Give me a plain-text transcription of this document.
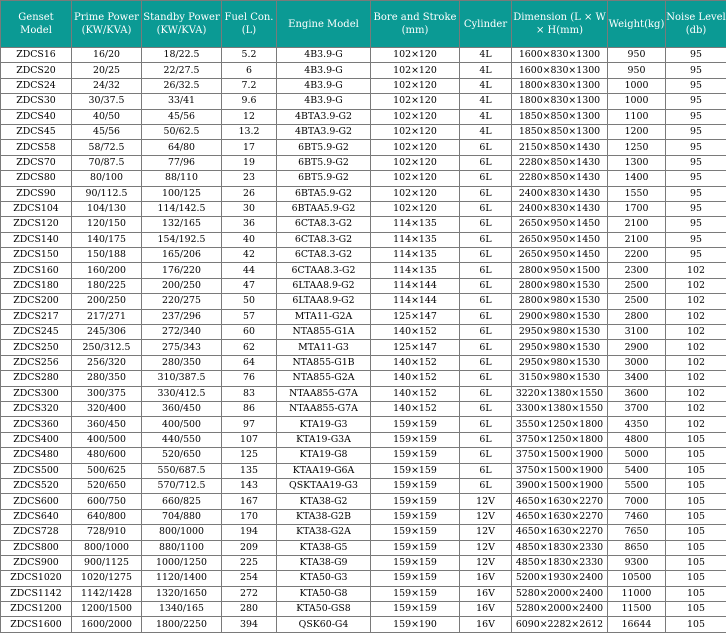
Genset Model	Prime Power (KW/KVA)	Standby Power (KW/KVA)	Fuel Con. (L)	Engine Model	Bore and Stroke (mm)	Cylinder	Dimension (L × W × H(mm)	Weight(kg)	Noise Level (db)
ZDCS16	16/20	18/22.5	5.2	4B3.9-G	102×120	4L	1600×830×1300	950	95
ZDCS20	20/25	22/27.5	6	4B3.9-G	102×120	4L	1600×830×1300	950	95
ZDCS24	24/32	26/32.5	7.2	4B3.9-G	102×120	4L	1800×830×1300	1000	95
ZDCS30	30/37.5	33/41	9.6	4B3.9-G	102×120	4L	1800×830×1300	1000	95
ZDCS40	40/50	45/56	12	4BTA3.9-G2	102×120	4L	1850×850×1300	1100	95
ZDCS45	45/56	50/62.5	13.2	4BTA3.9-G2	102×120	4L	1850×850×1300	1200	95
ZDCS58	58/72.5	64/80	17	6BT5.9-G2	102×120	6L	2150×850×1430	1250	95
ZDCS70	70/87.5	77/96	19	6BT5.9-G2	102×120	6L	2280×850×1430	1300	95
ZDCS80	80/100	88/110	23	6BT5.9-G2	102×120	6L	2280×850×1430	1400	95
ZDCS90	90/112.5	100/125	26	6BTA5.9-G2	102×120	6L	2400×830×1430	1550	95
ZDCS104	104/130	114/142.5	30	6BTAA5.9-G2	102×120	6L	2400×830×1430	1700	95
ZDCS120	120/150	132/165	36	6CTA8.3-G2	114×135	6L	2650×950×1450	2100	95
ZDCS140	140/175	154/192.5	40	6CTA8.3-G2	114×135	6L	2650×950×1450	2100	95
ZDCS150	150/188	165/206	42	6CTA8.3-G2	114×135	6L	2650×950×1450	2200	95
ZDCS160	160/200	176/220	44	6CTAA8.3-G2	114×135	6L	2800×950×1500	2300	102
ZDCS180	180/225	200/250	47	6LTAA8.9-G2	114×144	6L	2800×980×1530	2500	102
ZDCS200	200/250	220/275	50	6LTAA8.9-G2	114×144	6L	2800×980×1530	2500	102
ZDCS217	217/271	237/296	57	MTA11-G2A	125×147	6L	2900×980×1530	2800	102
ZDCS245	245/306	272/340	60	NTA855-G1A	140×152	6L	2950×980×1530	3100	102
ZDCS250	250/312.5	275/343	62	MTA11-G3	125×147	6L	2950×980×1530	2900	102
ZDCS256	256/320	280/350	64	NTA855-G1B	140×152	6L	2950×980×1530	3000	102
ZDCS280	280/350	310/387.5	76	NTA855-G2A	140×152	6L	3150×980×1530	3400	102
ZDCS300	300/375	330/412.5	83	NTAA855-G7A	140×152	6L	3220×1380×1550	3600	102
ZDCS320	320/400	360/450	86	NTAA855-G7A	140×152	6L	3300×1380×1550	3700	102
ZDCS360	360/450	400/500	97	KTA19-G3	159×159	6L	3550×1250×1800	4350	102
ZDCS400	400/500	440/550	107	KTA19-G3A	159×159	6L	3750×1250×1800	4800	105
ZDCS480	480/600	520/650	125	KTA19-G8	159×159	6L	3750×1500×1900	5000	105
ZDCS500	500/625	550/687.5	135	KTAA19-G6A	159×159	6L	3750×1500×1900	5400	105
ZDCS520	520/650	570/712.5	143	QSKTAA19-G3	159×159	6L	3900×1500×1900	5500	105
ZDCS600	600/750	660/825	167	KTA38-G2	159×159	12V	4650×1630×2270	7000	105
ZDCS640	640/800	704/880	170	KTA38-G2B	159×159	12V	4650×1630×2270	7460	105
ZDCS728	728/910	800/1000	194	KTA38-G2A	159×159	12V	4650×1630×2270	7650	105
ZDCS800	800/1000	880/1100	209	KTA38-G5	159×159	12V	4850×1830×2330	8650	105
ZDCS900	900/1125	1000/1250	225	KTA38-G9	159×159	12V	4850×1830×2330	9300	105
ZDCS1020	1020/1275	1120/1400	254	KTA50-G3	159×159	16V	5200×1930×2400	10500	105
ZDCS1142	1142/1428	1320/1650	272	KTA50-G8	159×159	16V	5280×2000×2400	11000	105
ZDCS1200	1200/1500	1340/165	280	KTA50-GS8	159×159	16V	5280×2000×2400	11500	105
ZDCS1600	1600/2000	1800/2250	394	QSK60-G4	159×190	16V	6090×2282×2612	16644	105
